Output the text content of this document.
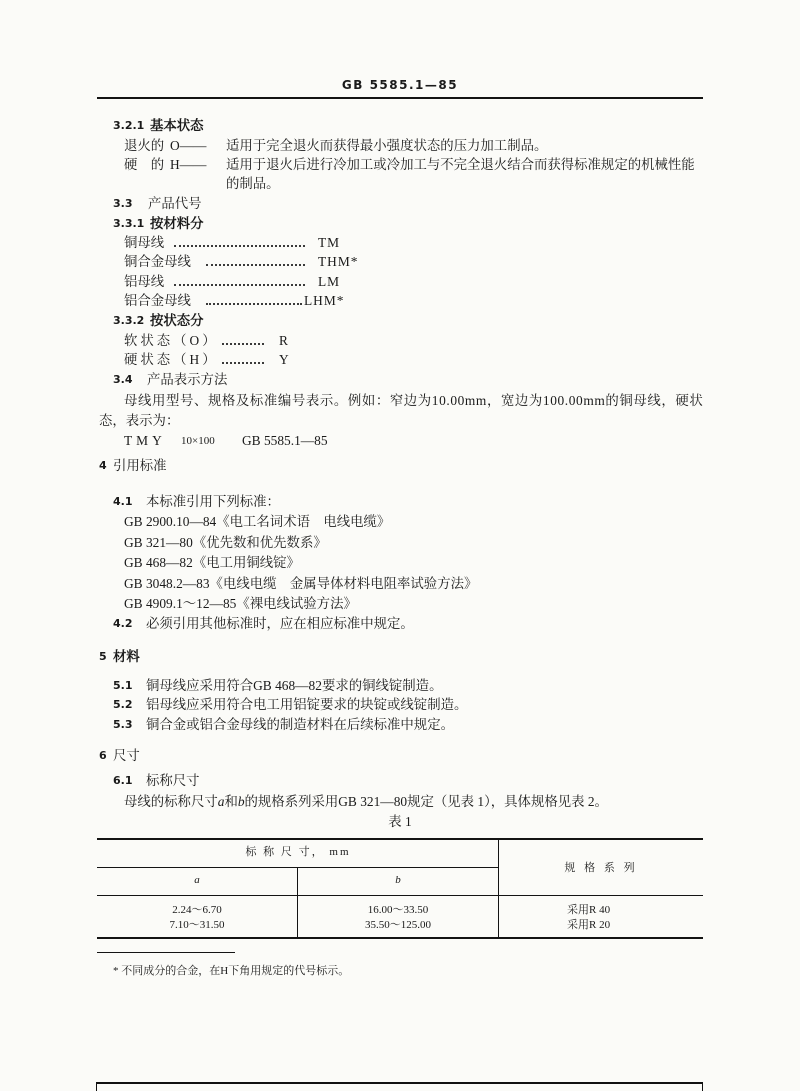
GB 5585.1—85
3.2.1 基本状态
退火的 O—— 适用于完全退火而获得最小强度状态的压力加工制品。
硬　的 H—— 适用于退火后进行冷加工或冷加工与不完全退火结合而获得标准规定的机械性能
的制品。
3.3 产品代号
3.3.1 按材料分
铜母线	TM
铜合金母线	THM*
铝母线	LM
铝合金母线	LHM*
3.3.2 按状态分
软状态（O）	R
硬状态（H）	Y
3.4 产品表示方法
母线用型号、规格及标准编号表示。例如：窄边为10.00mm，宽边为100.00mm的铜母线，硬状
态，表示为：
TMY 10×100 GB 5585.1—85
4 引用标准
4.1 本标准引用下列标准：
GB 2900.10—84《电工名词术语　电线电缆》
GB 321—80《优先数和优先数系》
GB 468—82《电工用铜线锭》
GB 3048.2—83《电线电缆　金属导体材料电阻率试验方法》
GB 4909.1～12—85《裸电线试验方法》
4.2 必须引用其他标准时，应在相应标准中规定。
5 材料
5.1 铜母线应采用符合GB 468—82要求的铜线锭制造。
5.2 铝母线应采用符合电工用铝锭要求的块锭或线锭制造。
5.3 铜合金或铝合金母线的制造材料在后续标准中规定。
6 尺寸
6.1 标称尺寸
母线的标称尺寸a和b的规格系列采用GB 321—80规定（见表 1），具体规格见表 2。
表 1
标 称 尺 寸， mm
a	b
规 格 系 列
2.24～6.70	16.00～33.50	采用R 40
7.10～31.50	35.50～125.00	采用R 20
* 不同成分的合金，在H下角用规定的代号标示。
